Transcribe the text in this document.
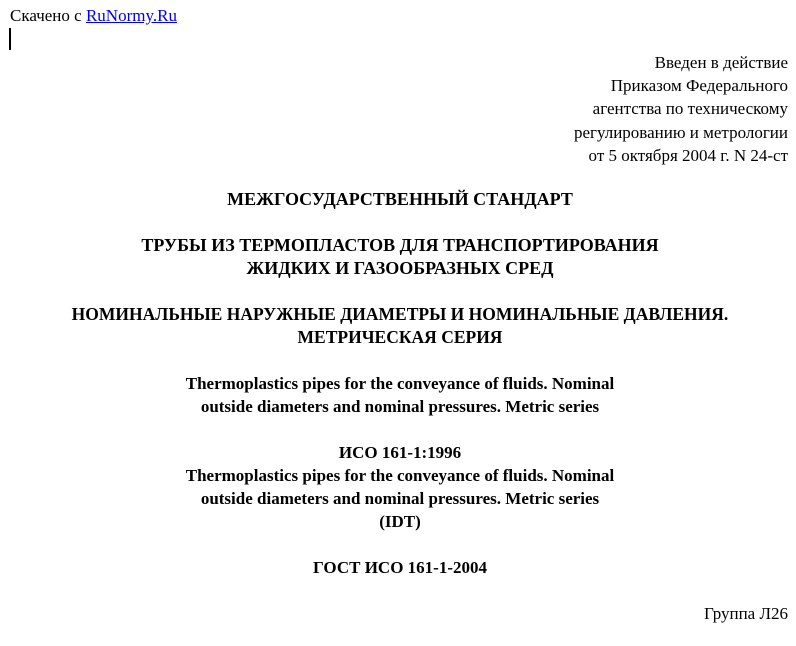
Скачено с RuNormy.Ru
Введен в действие
Приказом Федерального
агентства по техническому
регулированию и метрологии
от 5 октября 2004 г. N 24-ст
МЕЖГОСУДАРСТВЕННЫЙ СТАНДАРТ
ТРУБЫ ИЗ ТЕРМОПЛАСТОВ ДЛЯ ТРАНСПОРТИРОВАНИЯ
ЖИДКИХ И ГАЗООБРАЗНЫХ СРЕД
НОМИНАЛЬНЫЕ НАРУЖНЫЕ ДИАМЕТРЫ И НОМИНАЛЬНЫЕ ДАВЛЕНИЯ.
МЕТРИЧЕСКАЯ СЕРИЯ
Thermoplastics pipes for the conveyance of fluids. Nominal
outside diameters and nominal pressures. Metric series
ИСО 161-1:1996
Thermoplastics pipes for the conveyance of fluids. Nominal
outside diameters and nominal pressures. Metric series
(IDT)
ГОСТ ИСО 161-1-2004
Группа Л26
